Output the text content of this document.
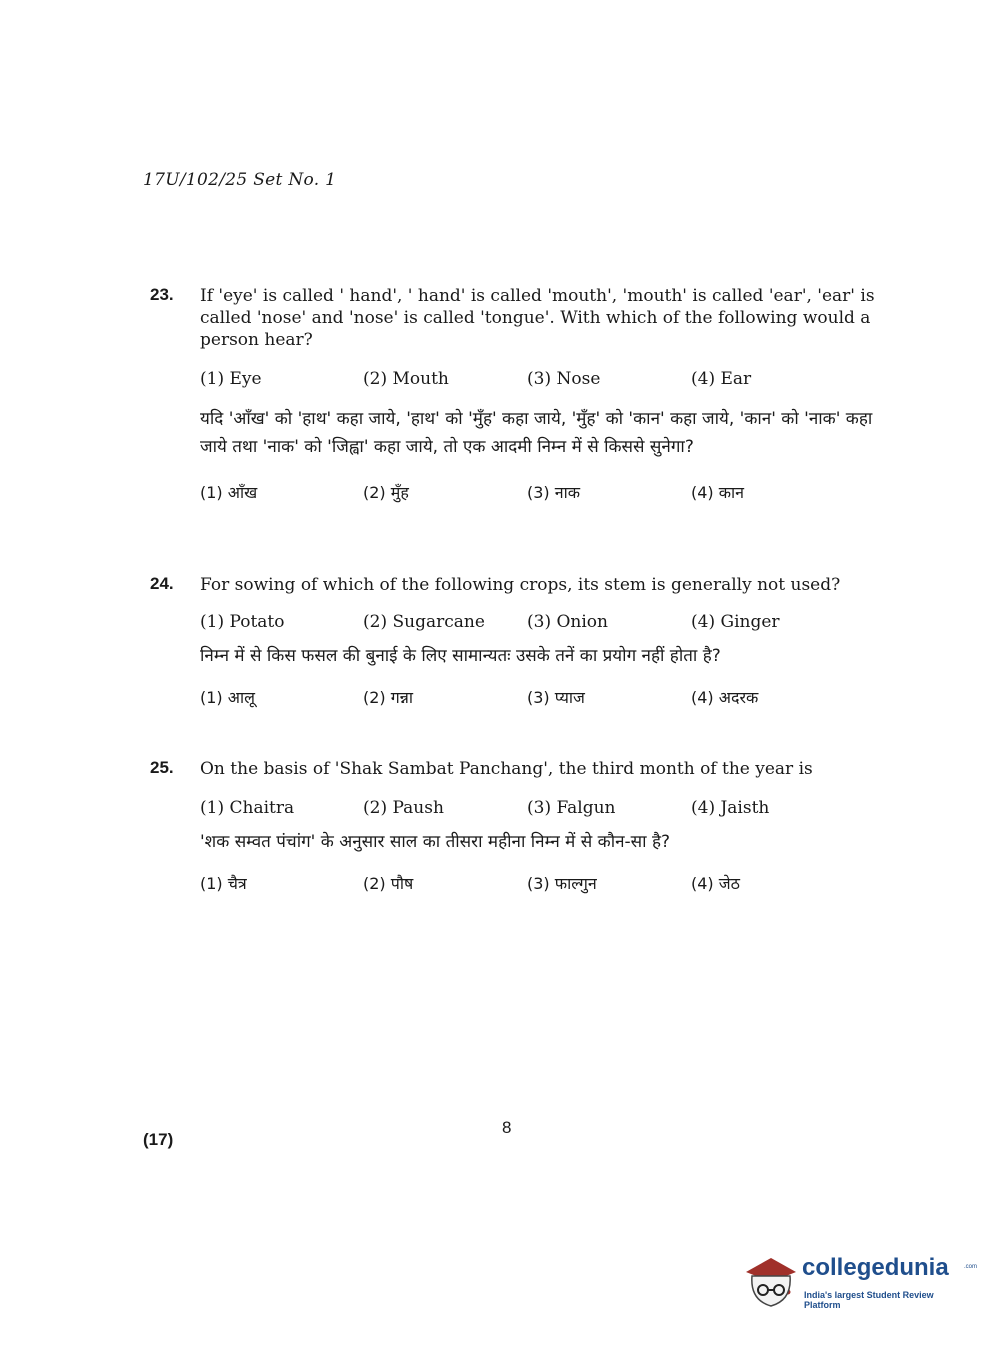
17U/102/25 Set No. 1
23. If 'eye' is called ' hand', ' hand' is called 'mouth', 'mouth' is called 'ear', 'ear' is called 'nose' and 'nose' is called 'tongue'. With which of the following would a person hear?
(1) Eye	(2) Mouth	(3) Nose	(4) Ear
यदि 'आँख' को 'हाथ' कहा जाये, 'हाथ' को 'मुँह' कहा जाये, 'मुँह' को 'कान' कहा जाये, 'कान' को 'नाक' कहा जाये तथा 'नाक' को 'जिह्वा' कहा जाये, तो एक आदमी निम्न में से किससे सुनेगा?
(1) आँख	(2) मुँह	(3) नाक	(4) कान
24. For sowing of which of the following crops, its stem is generally not used?
(1) Potato	(2) Sugarcane (3) Onion	(4) Ginger
निम्न में से किस फसल की बुनाई के लिए सामान्यतः उसके तनें का प्रयोग नहीं होता है?
(1) आलू	(2) गन्ना	(3) प्याज	(4) अदरक
25. On the basis of 'Shak Sambat Panchang', the third month of the year is
(1) Chaitra	(2) Paush	(3) Falgun	(4) Jaisth
'शक सम्वत पंचांग' के अनुसार साल का तीसरा महीना निम्न में से कौन-सा है?
(1) चैत्र	(2) पौष	(3) फाल्गुन	(4) जेठ
8
(17)
collegedunia	.com
India's largest Student Review Platform
